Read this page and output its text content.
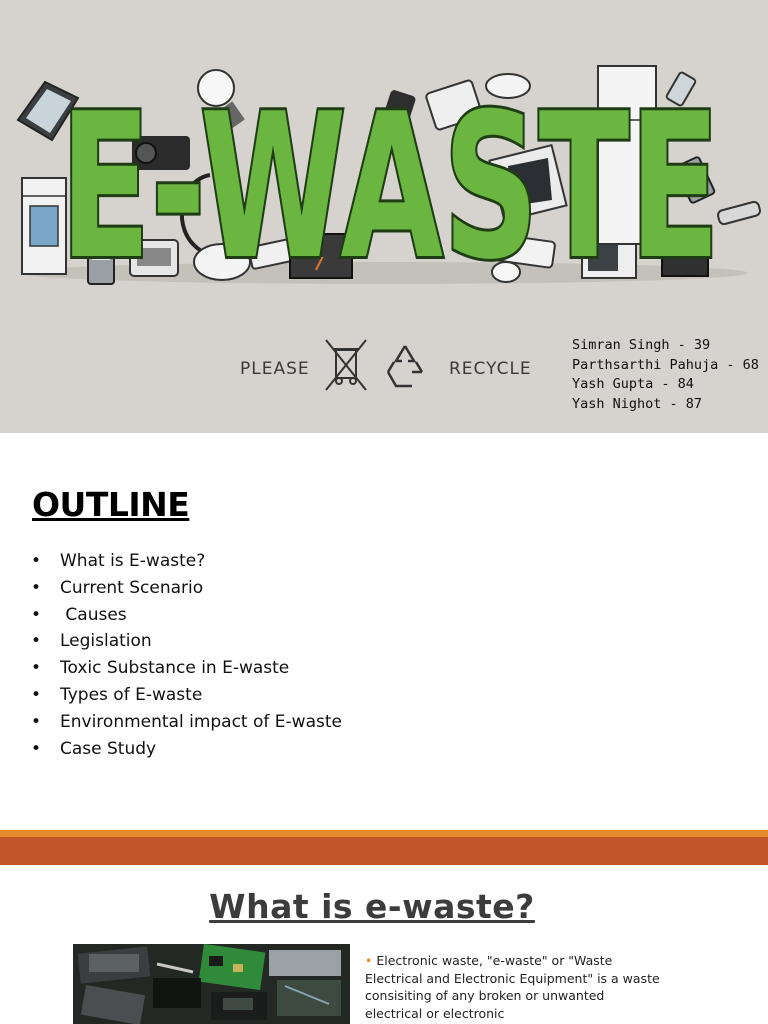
E-WASTE
PLEASE	RECYCLE
Simran Singh - 39
Parthsarthi Pahuja - 68
Yash Gupta - 84
Yash Nighot - 87
OUTLINE
• What is E-waste?
• Current Scenario
• Causes
• Legislation
• Toxic Substance in E-waste
• Types of E-waste
• Environmental impact of E-waste
• Case Study
What is e-waste?
• Electronic waste, "e-waste" or "Waste Electrical and Electronic Equipment" is a waste consisiting of any broken or unwanted electrical or electronic
